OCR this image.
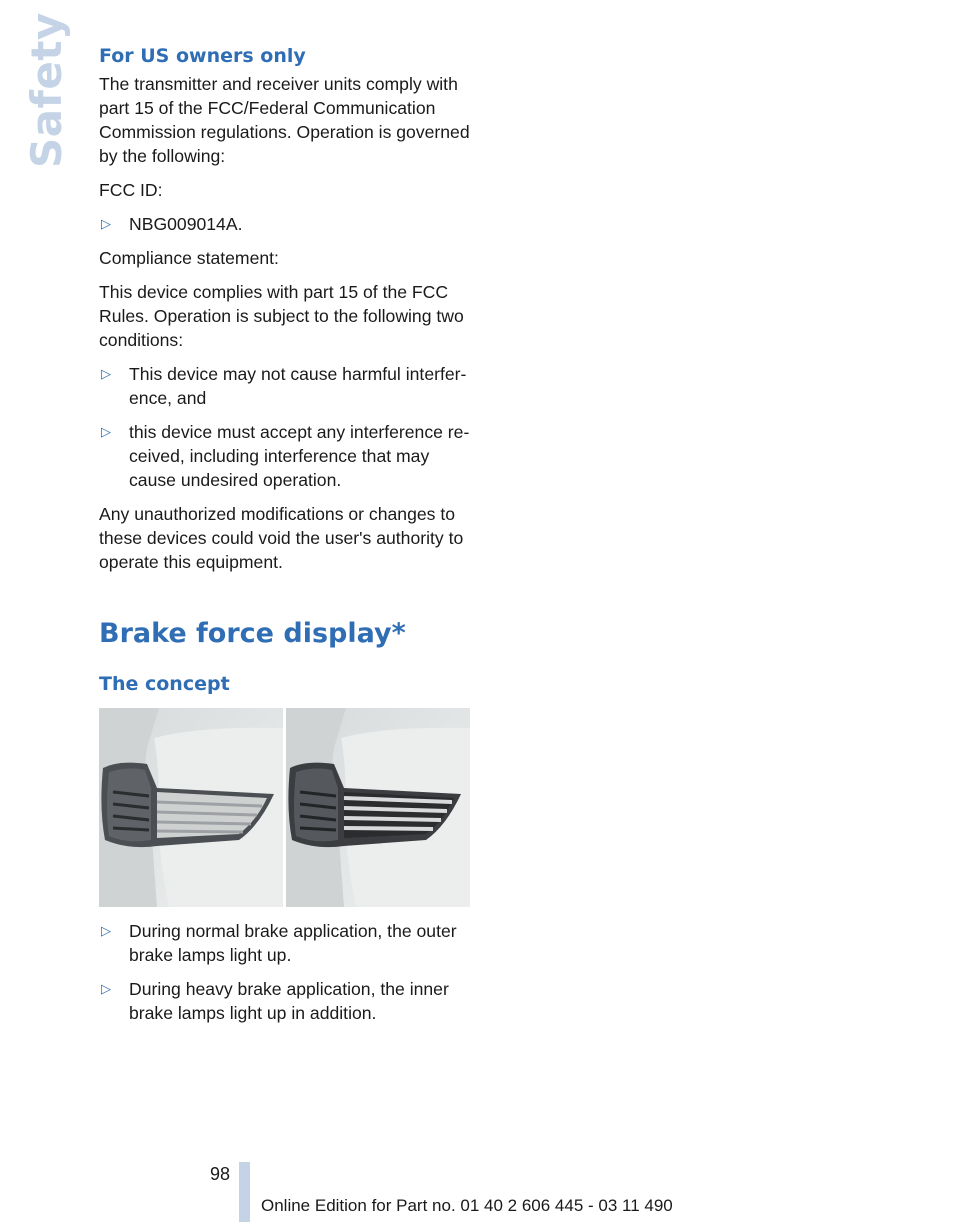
Safety For US owners only

The transmitter and receiver units comply with part 15 of the FCC/Federal Communication Commission regulations. Operation is governed by the following:

FCC ID:

▷ NBG009014A.

Compliance statement:

This device complies with part 15 of the FCC Rules. Operation is subject to the following two conditions:

▷ This device may not cause harmful interfer- ence, and
▷ this device must accept any interference re- ceived, including interference that may cause undesired operation.

Any unauthorized modifications or changes to these devices could void the user's authority to operate this equipment.

Brake force display*
The concept
▷ During normal brake application, the outer brake lamps light up.
▷ During heavy brake application, the inner brake lamps light up in addition.
98
Online Edition for Part no. 01 40 2 606 445 - 03 11 490
